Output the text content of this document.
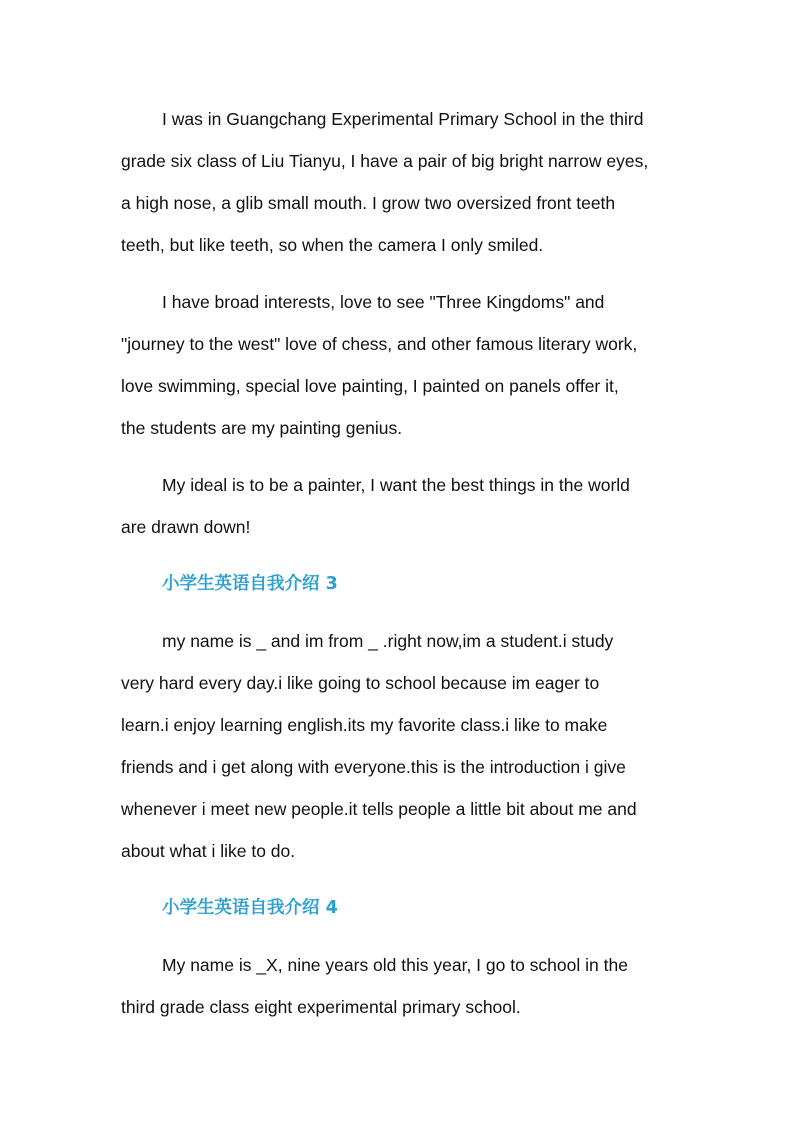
I was in Guangchang Experimental Primary School in the third
grade six class of Liu Tianyu, I have a pair of big bright narrow eyes,
a high nose, a glib small mouth. I grow two oversized front teeth
teeth, but like teeth, so when the camera I only smiled.
I have broad interests, love to see "Three Kingdoms" and
"journey to the west" love of chess, and other famous literary work,
love swimming, special love painting, I painted on panels offer it,
the students are my painting genius.
My ideal is to be a painter, I want the best things in the world
are drawn down!
小学生英语自我介绍 3
my name is _ and im from _ .right now,im a student.i study
very hard every day.i like going to school because im eager to
learn.i enjoy learning english.its my favorite class.i like to make
friends and i get along with everyone.this is the introduction i give
whenever i meet new people.it tells people a little bit about me and
about what i like to do.
小学生英语自我介绍 4
My name is _X, nine years old this year, I go to school in the
third grade class eight experimental primary school.
